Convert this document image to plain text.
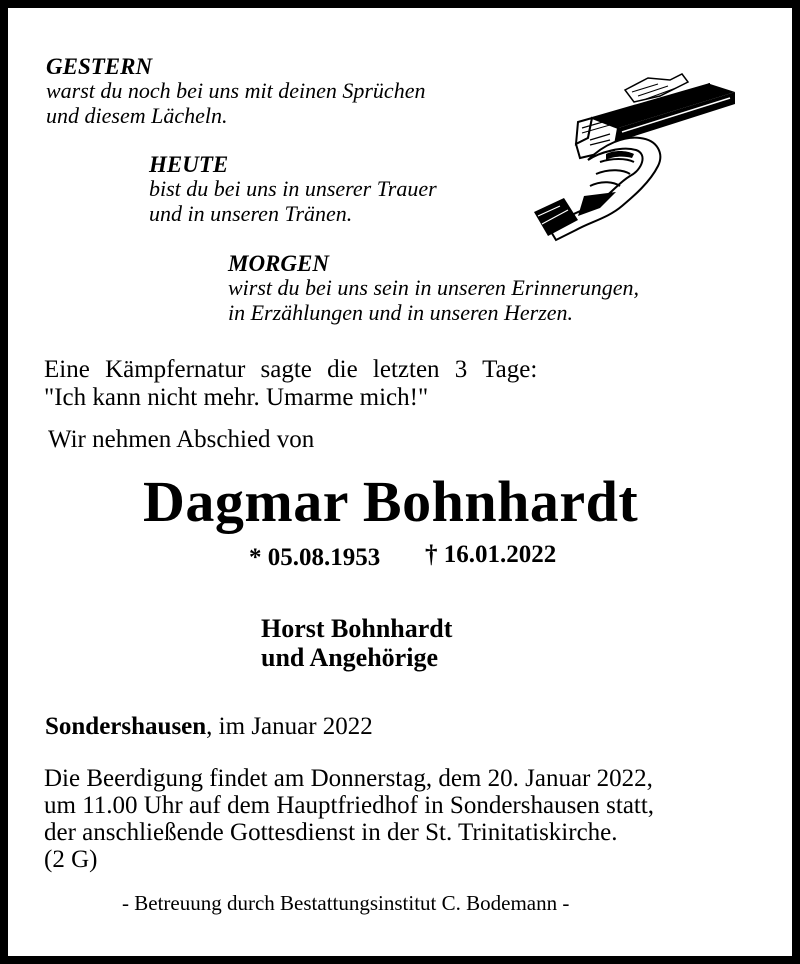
GESTERN
warst du noch bei uns mit deinen Sprüchen
und diesem Lächeln.
HEUTE
bist du bei uns in unserer Trauer
und in unseren Tränen.
MORGEN
wirst du bei uns sein in unseren Erinnerungen,
in Erzählungen und in unseren Herzen.
Eine Kämpfernatur sagte die letzten 3 Tage:
"Ich kann nicht mehr. Umarme mich!"
Wir nehmen Abschied von
Dagmar Bohnhardt
* 05.08.1953 † 16.01.2022
Horst Bohnhardt
und Angehörige
Sondershausen, im Januar 2022
Die Beerdigung findet am Donnerstag, dem 20. Januar 2022,
um 11.00 Uhr auf dem Hauptfriedhof in Sondershausen statt,
der anschließende Gottesdienst in der St. Trinitatiskirche.
(2 G)
- Betreuung durch Bestattungsinstitut C. Bodemann -
